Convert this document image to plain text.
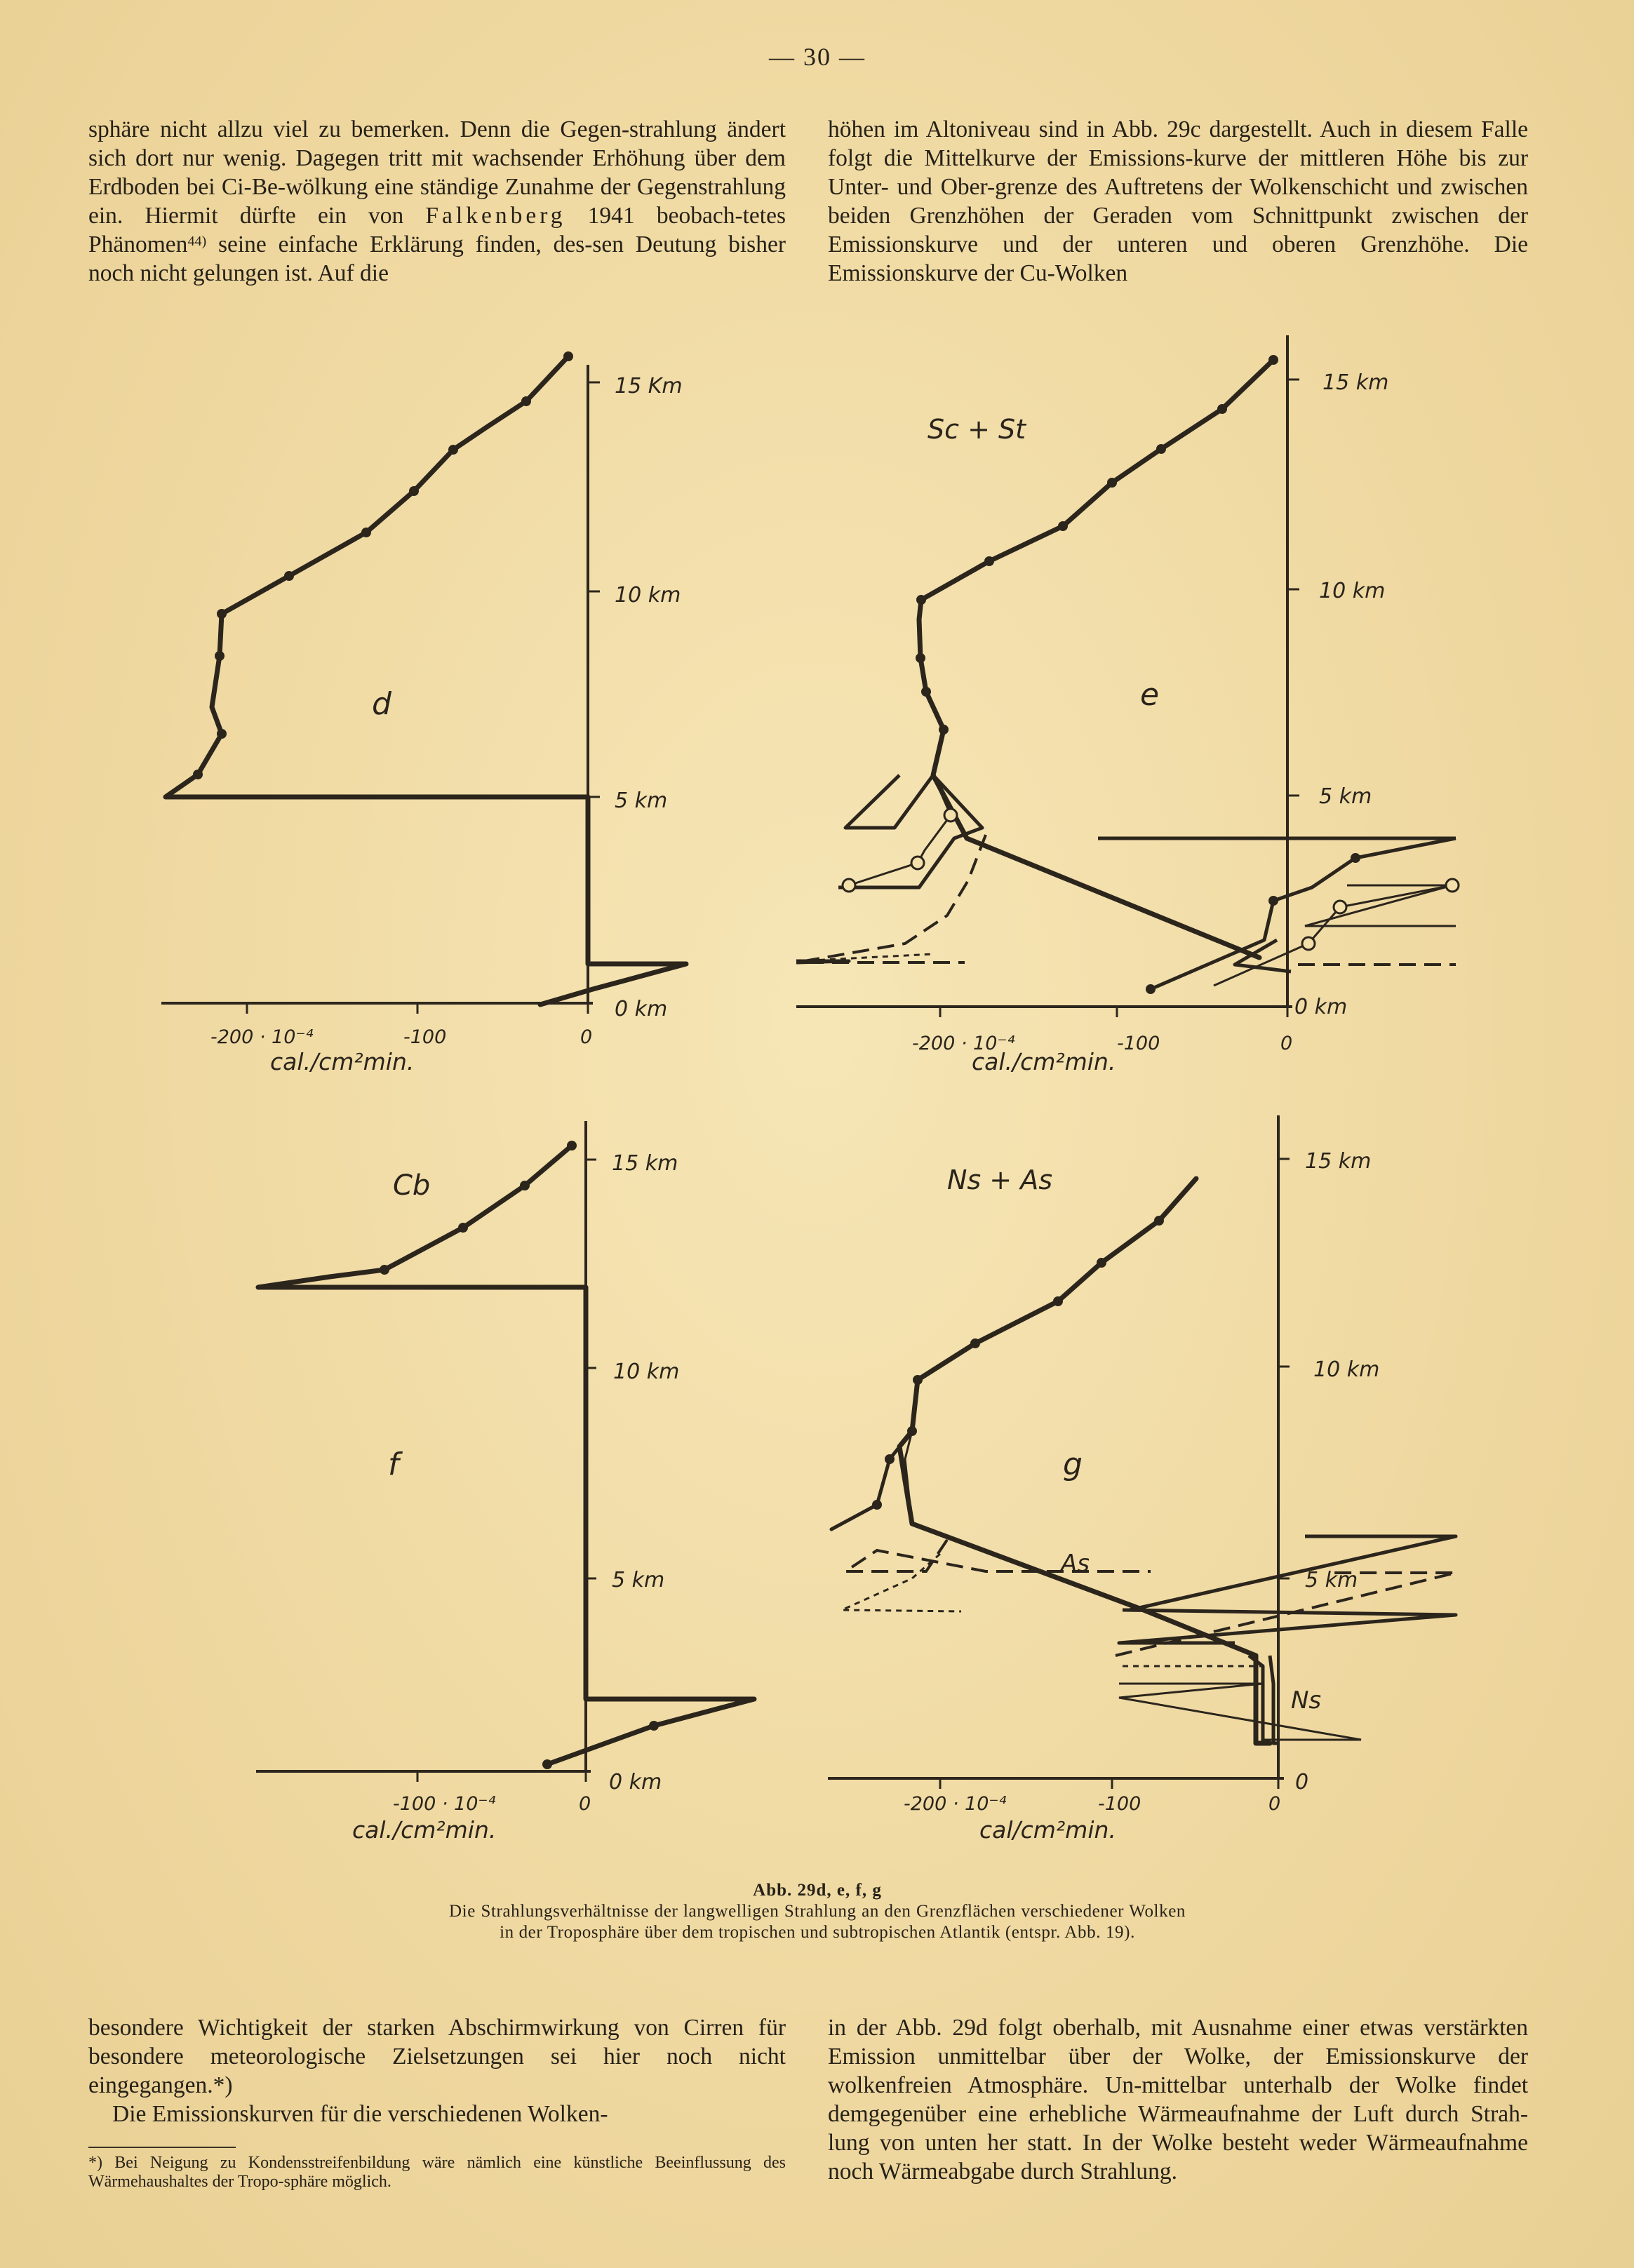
— 30 —

sphäre nicht allzu viel zu bemerken. Denn die Gegen-strahlung ändert sich dort nur wenig. Dagegen tritt mit wachsender Erhöhung über dem Erdboden bei Ci-Be-wölkung eine ständige Zunahme der Gegenstrahlung ein. Hiermit dürfte ein von Falkenberg 1941 beobach-tetes Phänomen$^{44)}$ seine einfache Erklärung finden, des-sen Deutung bisher noch nicht gelungen ist. Auf die

höhen im Altoniveau sind in Abb. 29c dargestellt. Auch in diesem Falle folgt die Mittelkurve der Emissions-kurve der mittleren Höhe bis zur Unter- und Ober-grenze des Auftretens der Wolkenschicht und zwischen beiden Grenzhöhen der Geraden vom Schnittpunkt zwischen der Emissionskurve und der unteren und oberen Grenzhöhe. Die Emissionskurve der Cu-Wolken

15 Km
10 km
5 km
0 km
-200 · 10⁻⁴	-100	0
cal./cm²min.
d
15 km
10 km
5 km
0 km
-200 · 10⁻⁴	-100	0
cal./cm²min.
Sc + St
e
15 km
10 km
5 km
0 km
-100 · 10⁻⁴	0
cal./cm²min.
Cb
f
15 km
10 km
5 km
0
-200 · 10⁻⁴	-100	0
cal/cm²min.
Ns + As
g
As
Ns
Abb. 29d, e, f, g
Die Strahlungsverhältnisse der langwelligen Strahlung an den Grenzflächen verschiedener Wolken in der Troposphäre über dem tropischen und subtropischen Atlantik (entspr. Abb. 19).

besondere Wichtigkeit der starken Abschirmwirkung von Cirren für besondere meteorologische Zielsetzungen sei hier noch nicht eingegangen.*)

Die Emissionskurven für die verschiedenen Wolken-

*) Bei Neigung zu Kondensstreifenbildung wäre nämlich eine künstliche Beeinflussung des Wärmehaushaltes der Tropo-sphäre möglich.

in der Abb. 29d folgt oberhalb, mit Ausnahme einer etwas verstärkten Emission unmittelbar über der Wolke, der Emissionskurve der wolkenfreien Atmosphäre. Un-mittelbar unterhalb der Wolke findet demgegenüber eine erhebliche Wärmeaufnahme der Luft durch Strah-lung von unten her statt. In der Wolke besteht weder Wärmeaufnahme noch Wärmeabgabe durch Strahlung.
